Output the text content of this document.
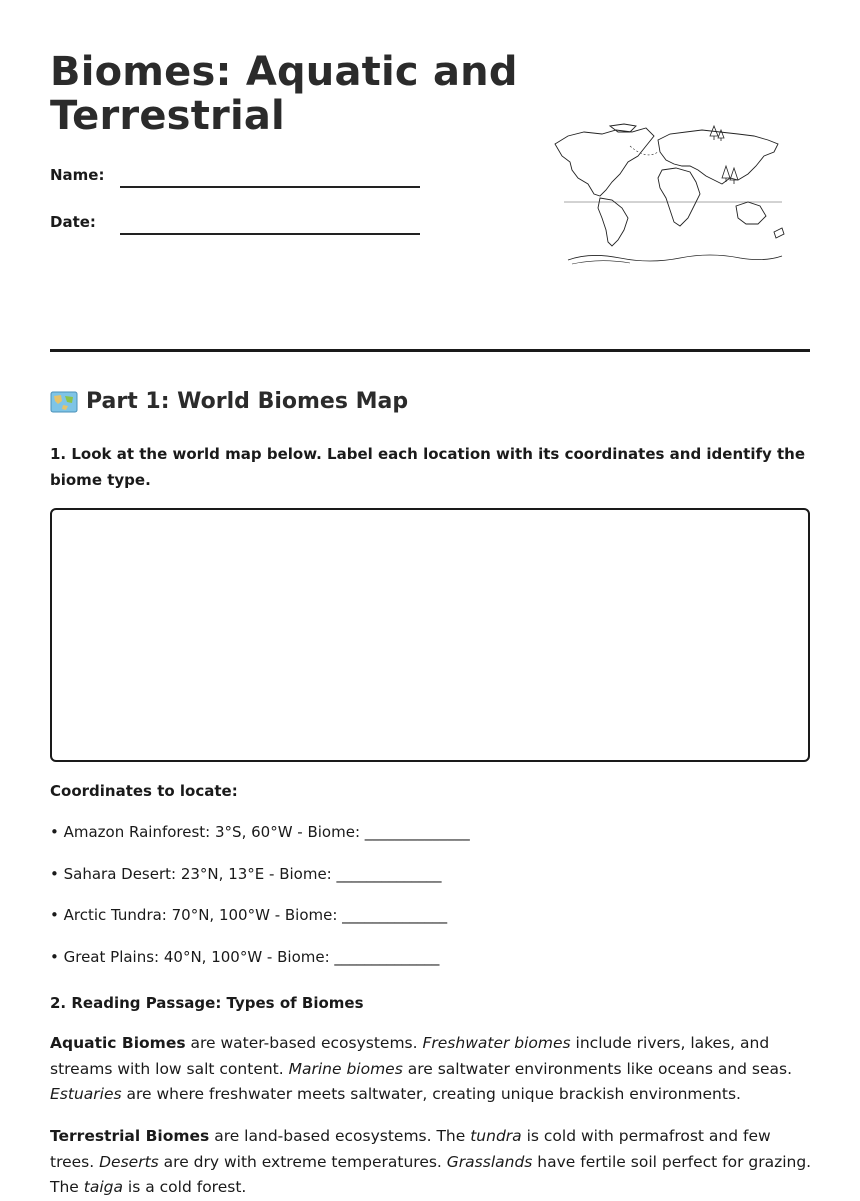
Biomes: Aquatic and Terrestrial
Name:
Date:
Part 1: World Biomes Map

1. Look at the world map below. Label each location with its coordinates and identify the biome type.

Coordinates to locate:
• Amazon Rainforest: 3°S, 60°W - Biome: ______________
• Sahara Desert: 23°N, 13°E - Biome: ______________
• Arctic Tundra: 70°N, 100°W - Biome: ______________
• Great Plains: 40°N, 100°W - Biome: ______________

2. Reading Passage: Types of Biomes

Aquatic Biomes are water-based ecosystems. Freshwater biomes include rivers, lakes, and streams with low salt content. Marine biomes are saltwater environments like oceans and seas. Estuaries are where freshwater meets saltwater, creating unique brackish environments.

Terrestrial Biomes are land-based ecosystems. The tundra is cold with permafrost and few trees. Deserts are dry with extreme temperatures. Grasslands have fertile soil perfect for grazing. The taiga is a cold forest.
